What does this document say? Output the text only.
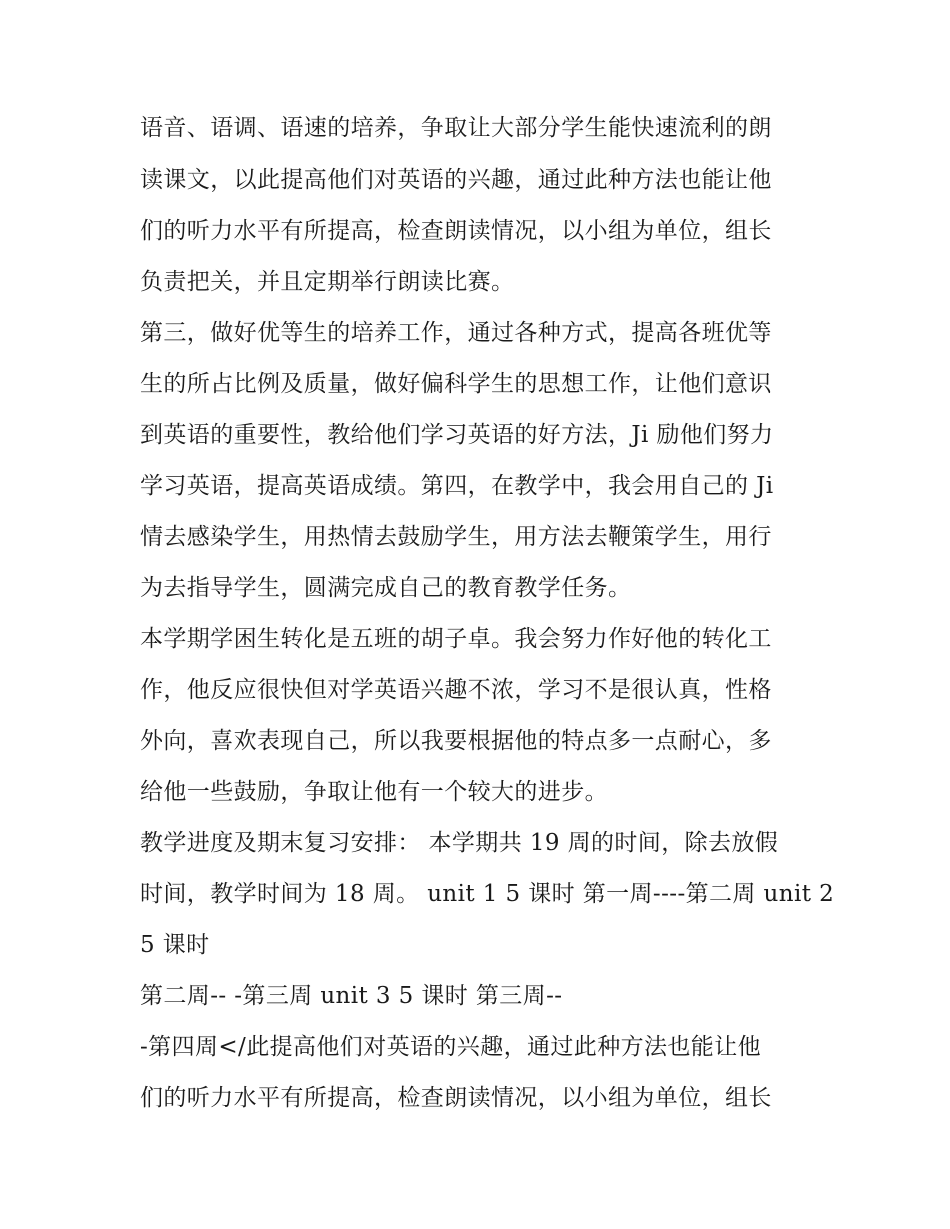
语音、语调、语速的培养，争取让大部分学生能快速流利的朗
读课文，以此提高他们对英语的兴趣，通过此种方法也能让他
们的听力水平有所提高，检查朗读情况，以小组为单位，组长
负责把关，并且定期举行朗读比赛。
第三，做好优等生的培养工作，通过各种方式，提高各班优等
生的所占比例及质量，做好偏科学生的思想工作，让他们意识
到英语的重要性，教给他们学习英语的好方法，Ji 励他们努力
学习英语，提高英语成绩。第四，在教学中，我会用自己的 Ji
情去感染学生，用热情去鼓励学生，用方法去鞭策学生，用行
为去指导学生，圆满完成自己的教育教学任务。
本学期学困生转化是五班的胡子卓。我会努力作好他的转化工
作，他反应很快但对学英语兴趣不浓，学习不是很认真，性格
外向，喜欢表现自己，所以我要根据他的特点多一点耐心，多
给他一些鼓励，争取让他有一个较大的进步。
教学进度及期末复习安排： 本学期共 19 周的时间，除去放假
时间，教学时间为 18 周。 unit 1 5 课时 第一周----第二周 unit 2
5 课时
第二周-- -第三周 unit 3 5 课时 第三周--
-第四周</此提高他们对英语的兴趣，通过此种方法也能让他
们的听力水平有所提高，检查朗读情况，以小组为单位，组长
